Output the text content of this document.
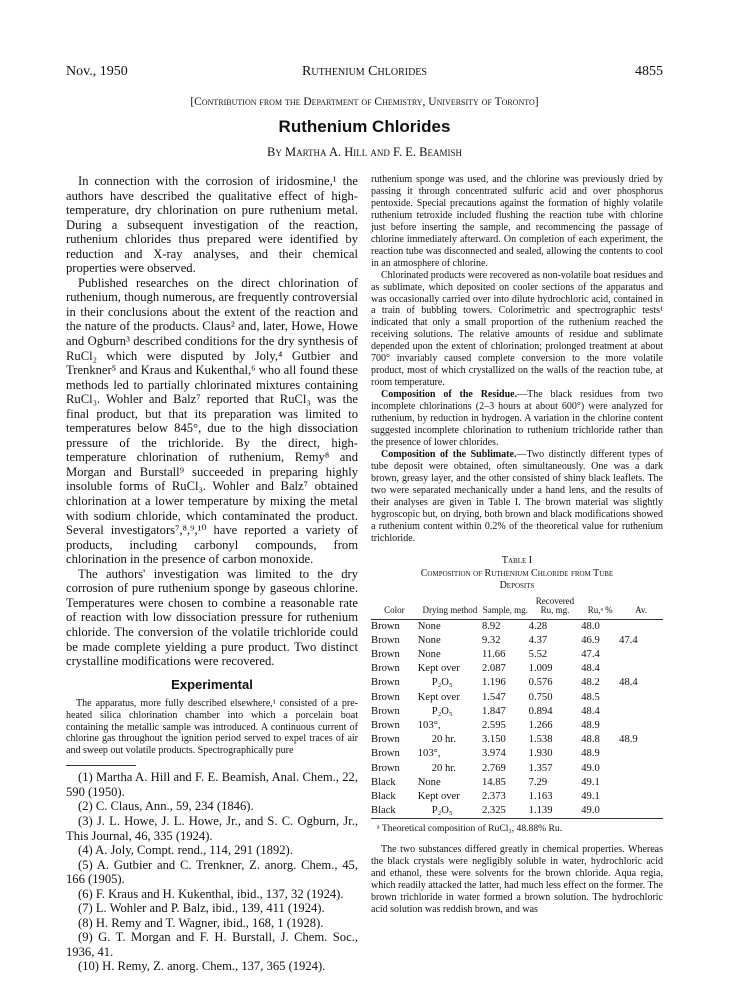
Nov., 1950	Ruthenium Chlorides	4855
[Contribution from the Department of Chemistry, University of Toronto]
Ruthenium Chlorides
By Martha A. Hill and F. E. Beamish

In connection with the corrosion of iridosmine,¹ the authors have described the qualitative effect of high-temperature, dry chlorination on pure ruthenium metal. During a subsequent investigation of the reaction, ruthenium chlorides thus prepared were identified by reduction and X-ray analyses, and their chemical properties were observed.

Published researches on the direct chlorination of ruthenium, though numerous, are frequently controversial in their conclusions about the extent of the reaction and the nature of the products. Claus² and, later, Howe, Howe and Ogburn³ described conditions for the dry synthesis of RuCl₂ which were disputed by Joly,⁴ Gutbier and Trenkner⁵ and Kraus and Kukenthal,⁶ who all found these methods led to partially chlorinated mixtures containing RuCl₃. Wohler and Balz⁷ reported that RuCl₃ was the final product, but that its preparation was limited to temperatures below 845°, due to the high dissociation pressure of the trichloride. By the direct, high-temperature chlorination of ruthenium, Remy⁸ and Morgan and Burstall⁹ succeeded in preparing highly insoluble forms of RuCl₃. Wohler and Balz⁷ obtained chlorination at a lower temperature by mixing the metal with sodium chloride, which contaminated the product. Several investigators⁷,⁸,⁹,¹⁰ have reported a variety of products, including carbonyl compounds, from chlorination in the presence of carbon monoxide.

The authors' investigation was limited to the dry corrosion of pure ruthenium sponge by gaseous chlorine. Temperatures were chosen to combine a reasonable rate of reaction with low dissociation pressure for ruthenium chloride. The conversion of the volatile trichloride could be made complete yielding a pure product. Two distinct crystalline modifications were recovered.

Experimental

The apparatus, more fully described elsewhere,¹ consisted of a pre-heated silica chlorination chamber into which a porcelain boat containing the metallic sample was introduced. A continuous current of chlorine gas throughout the ignition period served to expel traces of air and sweep out volatile products. Spectrographically pure

(1) Martha A. Hill and F. E. Beamish, Anal. Chem., 22, 590 (1950).

(2) C. Claus, Ann., 59, 234 (1846).

(3) J. L. Howe, J. L. Howe, Jr., and S. C. Ogburn, Jr., This Journal, 46, 335 (1924).

(4) A. Joly, Compt. rend., 114, 291 (1892).

(5) A. Gutbier and C. Trenkner, Z. anorg. Chem., 45, 166 (1905).

(6) F. Kraus and H. Kukenthal, ibid., 137, 32 (1924).

(7) L. Wohler and P. Balz, ibid., 139, 411 (1924).

(8) H. Remy and T. Wagner, ibid., 168, 1 (1928).

(9) G. T. Morgan and F. H. Burstall, J. Chem. Soc., 1936, 41.

(10) H. Remy, Z. anorg. Chem., 137, 365 (1924).

ruthenium sponge was used, and the chlorine was previously dried by passing it through concentrated sulfuric acid and over phosphorus pentoxide. Special precautions against the formation of highly volatile ruthenium tetroxide included flushing the reaction tube with chlorine just before inserting the sample, and recommencing the passage of chlorine immediately afterward. On completion of each experiment, the reaction tube was disconnected and sealed, allowing the contents to cool in an atmosphere of chlorine.

Chlorinated products were recovered as non-volatile boat residues and as sublimate, which deposited on cooler sections of the apparatus and was occasionally carried over into dilute hydrochloric acid, contained in a train of bubbling towers. Colorimetric and spectrographic tests¹ indicated that only a small proportion of the ruthenium reached the receiving solutions. The relative amounts of residue and sublimate depended upon the extent of chlorination; prolonged treatment at about 700° invariably caused complete conversion to the more volatile product, most of which crystallized on the walls of the reaction tube, at room temperature.

Composition of the Residue.—The black residues from two incomplete chlorinations (2–3 hours at about 600°) were analyzed for ruthenium, by reduction in hydrogen. A variation in the chlorine content suggested incomplete chlorination to ruthenium trichloride rather than the presence of lower chlorides.

Composition of the Sublimate.—Two distinctly different types of tube deposit were obtained, often simultaneously. One was a dark brown, greasy layer, and the other consisted of shiny black leaflets. The two were separated mechanically under a hand lens, and the results of their analyses are given in Table I. The brown material was slightly hygroscopic but, on drying, both brown and black modifications showed a ruthenium content within 0.2% of the theoretical value for ruthenium trichloride.

Table I
Composition of Ruthenium Chloride from Tube
Deposits
Color	Drying method	Sample, mg.	Recovered Ru, mg.	Ru,ᵃ %	Av.
Brown	None	8.92	4.28	48.0	
Brown	None	9.32	4.37	46.9	47.4
Brown	None	11.66	5.52	47.4	
Brown	Kept over	2.087	1.009	48.4	
Brown	P₂O₅	1.196	0.576	48.2	48.4
Brown	Kept over	1.547	0.750	48.5	
Brown	P₂O₅	1.847	0.894	48.4	
Brown	103°,	2.595	1.266	48.9	
Brown	20 hr.	3.150	1.538	48.8	48.9
Brown	103°,	3.974	1.930	48.9	
Brown	20 hr.	2.769	1.357	49.0	
Black	None	14.85	7.29	49.1	
Black	Kept over	2.373	1.163	49.1	
Black	P₂O₅	2.325	1.139	49.0	
ᵃ Theoretical composition of RuCl₃, 48.88% Ru.

The two substances differed greatly in chemical properties. Whereas the black crystals were negligibly soluble in water, hydrochloric acid and ethanol, these were solvents for the brown chloride. Aqua regia, which readily attacked the latter, had much less effect on the former. The brown trichloride in water formed a brown solution. The hydrochloric acid solution was reddish brown, and was
